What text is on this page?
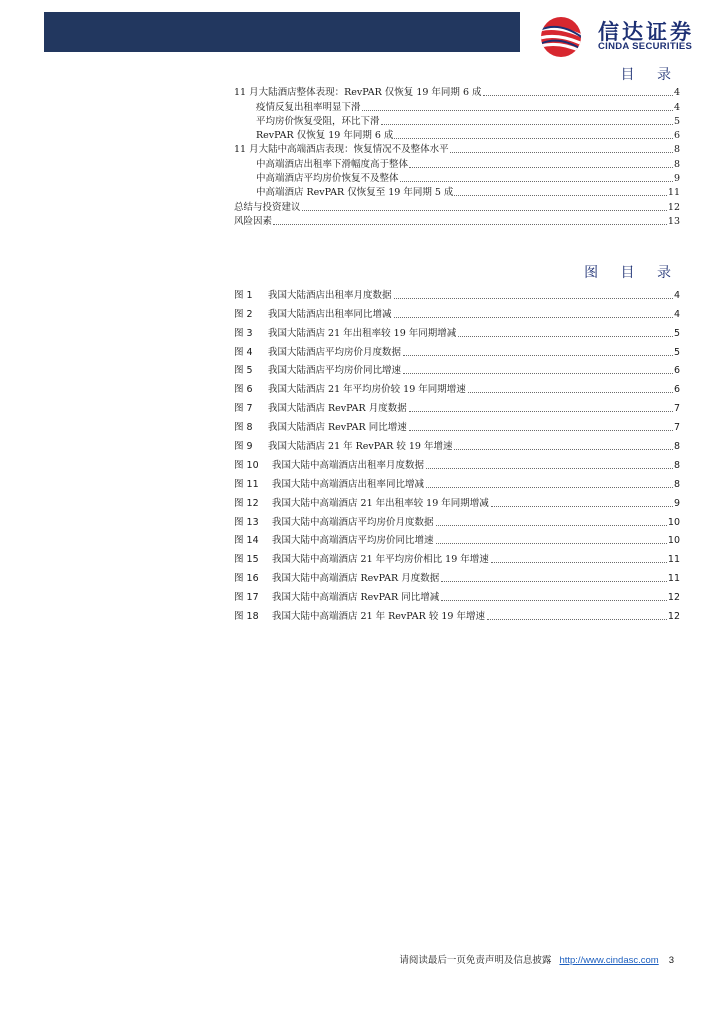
信达证券
CINDA SECURITIES
目 录
11 月大陆酒店整体表现：RevPAR 仅恢复 19 年同期 6 成	4
疫情反复出租率明显下滑	4
平均房价恢复受阻，环比下滑	5
RevPAR 仅恢复 19 年同期 6 成	6
11 月大陆中高端酒店表现：恢复情况不及整体水平	8
中高端酒店出租率下滑幅度高于整体	8
中高端酒店平均房价恢复不及整体	9
中高端酒店 RevPAR 仅恢复至 19 年同期 5 成	11
总结与投资建议	12
风险因素	13
图 目 录
图 1	我国大陆酒店出租率月度数据	4
图 2	我国大陆酒店出租率同比增减	4
图 3	我国大陆酒店 21 年出租率较 19 年同期增减	5
图 4	我国大陆酒店平均房价月度数据	5
图 5	我国大陆酒店平均房价同比增速	6
图 6	我国大陆酒店 21 年平均房价较 19 年同期增速	6
图 7	我国大陆酒店 RevPAR 月度数据	7
图 8	我国大陆酒店 RevPAR 同比增速	7
图 9	我国大陆酒店 21 年 RevPAR 较 19 年增速	8
图 10	我国大陆中高端酒店出租率月度数据	8
图 11	我国大陆中高端酒店出租率同比增减	8
图 12	我国大陆中高端酒店 21 年出租率较 19 年同期增减	9
图 13	我国大陆中高端酒店平均房价月度数据	10
图 14	我国大陆中高端酒店平均房价同比增速	10
图 15	我国大陆中高端酒店 21 年平均房价相比 19 年增速	11
图 16	我国大陆中高端酒店 RevPAR 月度数据	11
图 17	我国大陆中高端酒店 RevPAR 同比增减	12
图 18	我国大陆中高端酒店 21 年 RevPAR 较 19 年增速	12
请阅读最后一页免责声明及信息披露 http://www.cindasc.com 3
